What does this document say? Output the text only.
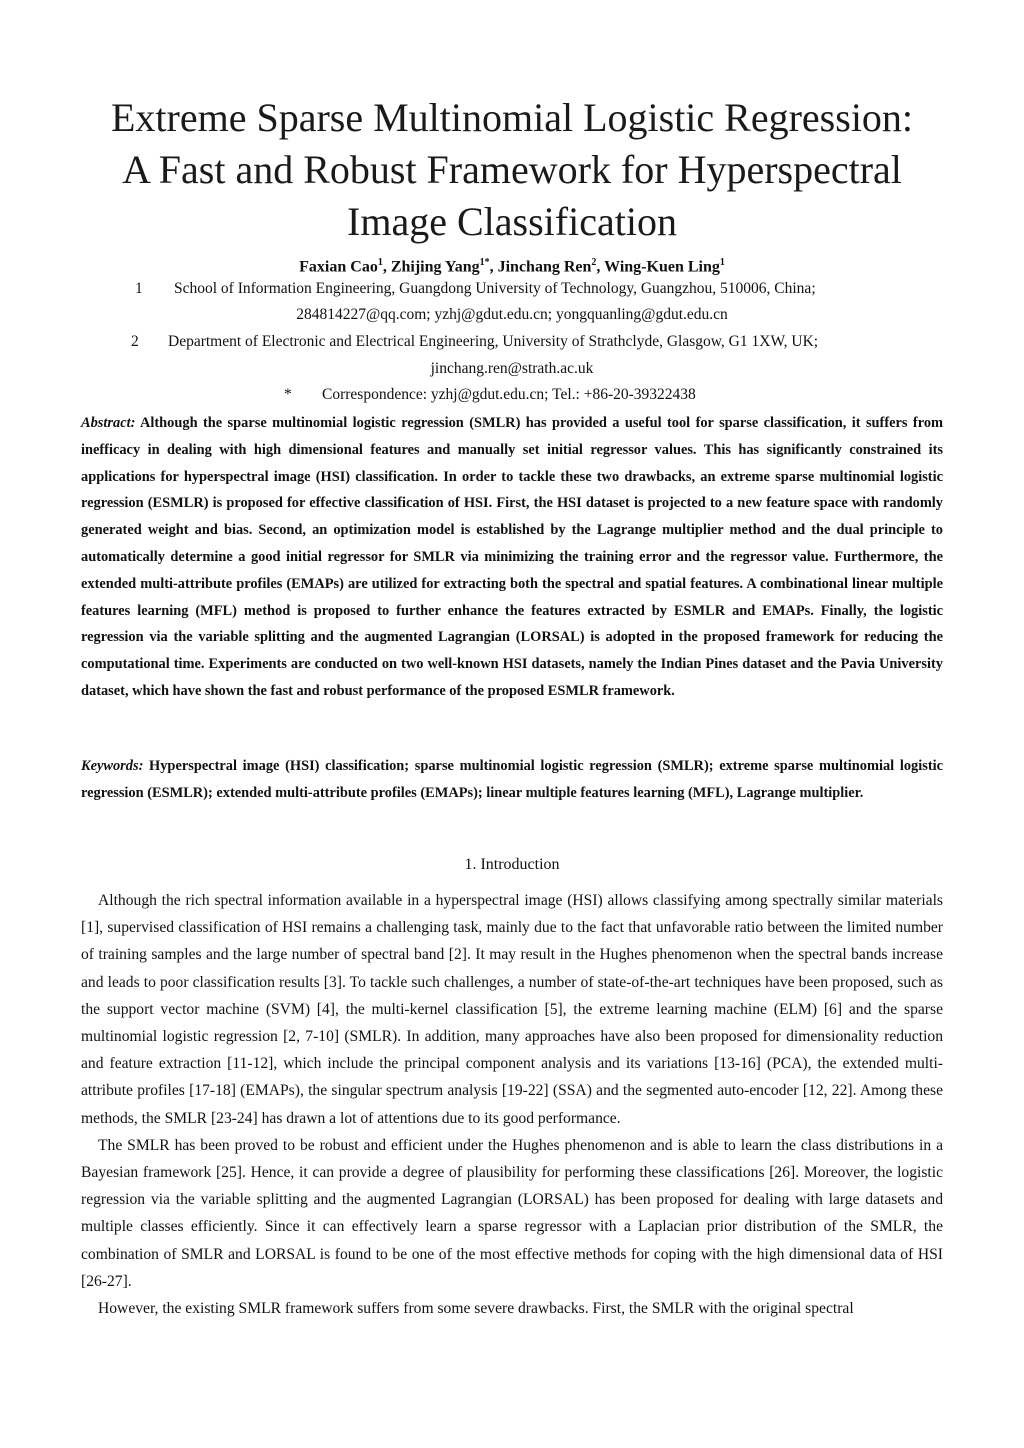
Extreme Sparse Multinomial Logistic Regression:
A Fast and Robust Framework for Hyperspectral
Image Classification
Faxian Cao$^1$, Zhijing Yang$^{1*}$, Jinchang Ren$^2$, Wing-Kuen Ling$^1$
1 School of Information Engineering, Guangdong University of Technology, Guangzhou, 510006, China;
284814227@qq.com; yzhj@gdut.edu.cn; yongquanling@gdut.edu.cn
2 Department of Electronic and Electrical Engineering, University of Strathclyde, Glasgow, G1 1XW, UK;
jinchang.ren@strath.ac.uk
* Correspondence: yzhj@gdut.edu.cn; Tel.: +86-20-39322438
Abstract: Although the sparse multinomial logistic regression (SMLR) has provided a useful tool for sparse classification, it suffers from inefficacy in dealing with high dimensional features and manually set initial regressor values. This has significantly constrained its applications for hyperspectral image (HSI) classification. In order to tackle these two drawbacks, an extreme sparse multinomial logistic regression (ESMLR) is proposed for effective classification of HSI. First, the HSI dataset is projected to a new feature space with randomly generated weight and bias. Second, an optimization model is established by the Lagrange multiplier method and the dual principle to automatically determine a good initial regressor for SMLR via minimizing the training error and the regressor value. Furthermore, the extended multi-attribute profiles (EMAPs) are utilized for extracting both the spectral and spatial features. A combinational linear multiple features learning (MFL) method is proposed to further enhance the features extracted by ESMLR and EMAPs. Finally, the logistic regression via the variable splitting and the augmented Lagrangian (LORSAL) is adopted in the proposed framework for reducing the computational time. Experiments are conducted on two well-known HSI datasets, namely the Indian Pines dataset and the Pavia University dataset, which have shown the fast and robust performance of the proposed ESMLR framework.
Keywords: Hyperspectral image (HSI) classification; sparse multinomial logistic regression (SMLR); extreme sparse multinomial logistic regression (ESMLR); extended multi-attribute profiles (EMAPs); linear multiple features learning (MFL), Lagrange multiplier.
1. Introduction

Although the rich spectral information available in a hyperspectral image (HSI) allows classifying among spectrally similar materials [1], supervised classification of HSI remains a challenging task, mainly due to the fact that unfavorable ratio between the limited number of training samples and the large number of spectral band [2]. It may result in the Hughes phenomenon when the spectral bands increase and leads to poor classification results [3]. To tackle such challenges, a number of state-of-the-art techniques have been proposed, such as the support vector machine (SVM) [4], the multi-kernel classification [5], the extreme learning machine (ELM) [6] and the sparse multinomial logistic regression [2, 7-10] (SMLR). In addition, many approaches have also been proposed for dimensionality reduction and feature extraction [11-12], which include the principal component analysis and its variations [13-16] (PCA), the extended multi-attribute profiles [17-18] (EMAPs), the singular spectrum analysis [19-22] (SSA) and the segmented auto-encoder [12, 22]. Among these methods, the SMLR [23-24] has drawn a lot of attentions due to its good performance.

The SMLR has been proved to be robust and efficient under the Hughes phenomenon and is able to learn the class distributions in a Bayesian framework [25]. Hence, it can provide a degree of plausibility for performing these classifications [26]. Moreover, the logistic regression via the variable splitting and the augmented Lagrangian (LORSAL) has been proposed for dealing with large datasets and multiple classes efficiently. Since it can effectively learn a sparse regressor with a Laplacian prior distribution of the SMLR, the combination of SMLR and LORSAL is found to be one of the most effective methods for coping with the high dimensional data of HSI [26-27].

However, the existing SMLR framework suffers from some severe drawbacks. First, the SMLR with the original spectral
